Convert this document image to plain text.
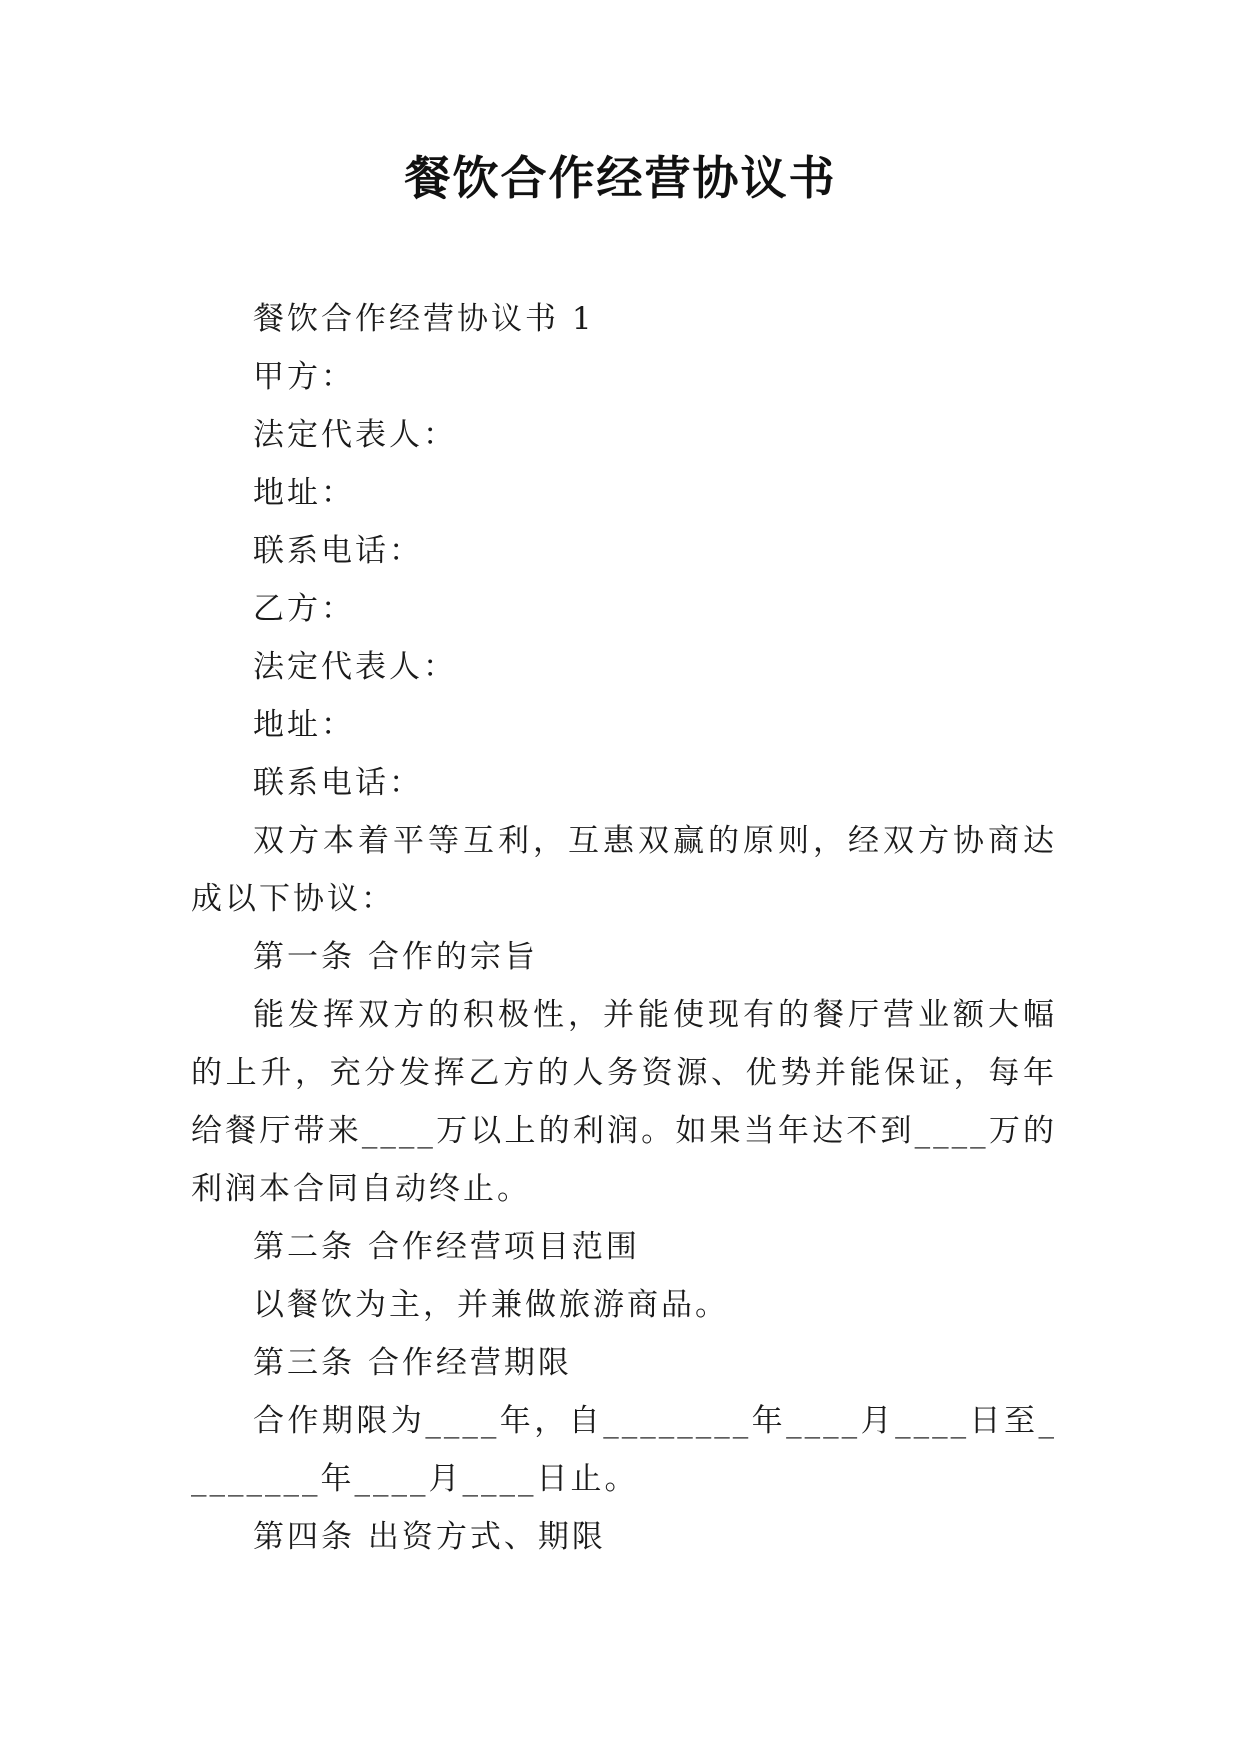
餐饮合作经营协议书

餐饮合作经营协议书 1

甲方：

法定代表人：

地址：

联系电话：

乙方：

法定代表人：

地址：

联系电话：

双方本着平等互利，互惠双赢的原则，经双方协商达成以下协议：

第一条 合作的宗旨

能发挥双方的积极性，并能使现有的餐厅营业额大幅的上升，充分发挥乙方的人务资源、优势并能保证，每年给餐厅带来____万以上的利润。如果当年达不到____万的利润本合同自动终止。

第二条 合作经营项目范围

以餐饮为主，并兼做旅游商品。

第三条 合作经营期限

合作期限为____年，自________年____月____日至________年____月____日止。

第四条 出资方式、期限
